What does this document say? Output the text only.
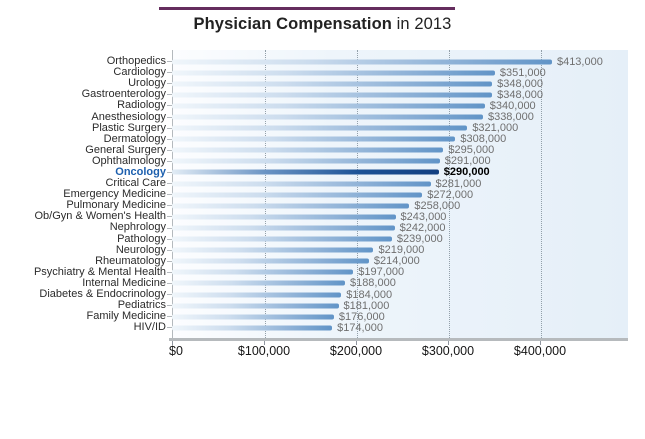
Physician Compensation in 2013
Orthopedics	$413,000
Cardiology	$351,000
Urology	$348,000
Gastroenterology	$348,000
Radiology	$340,000
Anesthesiology	$338,000
Plastic Surgery	$321,000
Dermatology	$308,000
General Surgery	$295,000
Ophthalmology	$291,000
Oncology	$290,000
Critical Care	$281,000
Emergency Medicine	$272,000
Pulmonary Medicine	$258,000
Ob/Gyn & Women's Health	$243,000
Nephrology	$242,000
Pathology	$239,000
Neurology	$219,000
Rheumatology	$214,000
Psychiatry & Mental Health	$197,000
Internal Medicine	$188,000
Diabetes & Endocrinology	$184,000
Pediatrics	$181,000
Family Medicine	$176,000
HIV/ID	$174,000
$0	$100,000	$200,000	$300,000	$400,000
